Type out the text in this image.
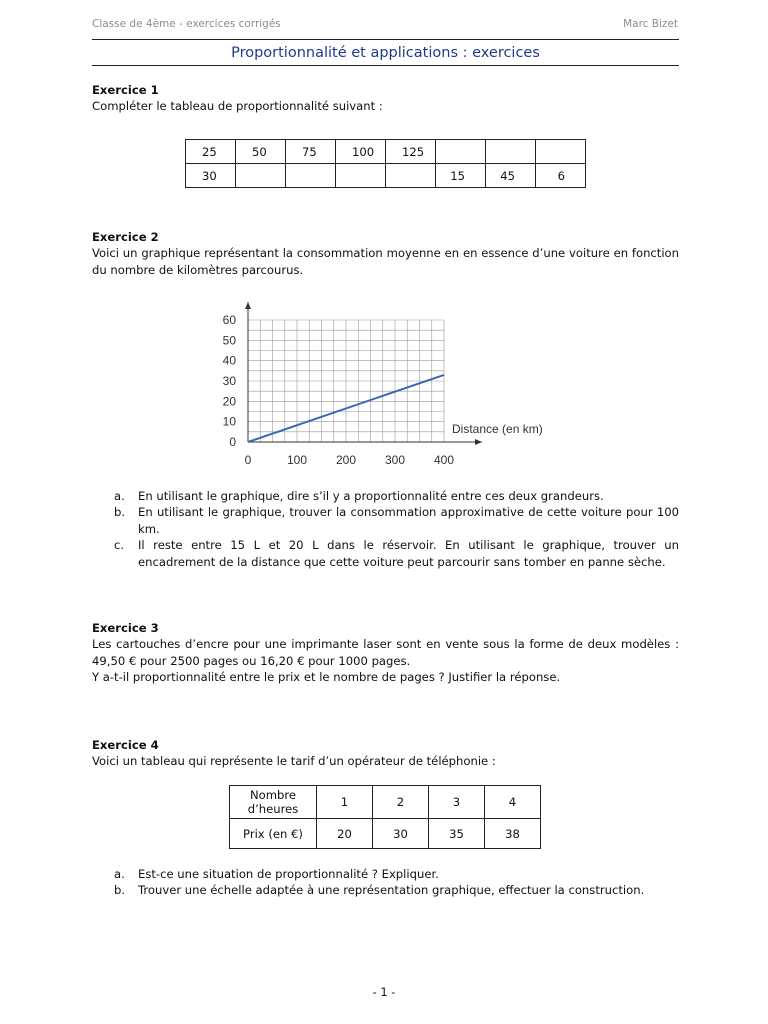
Classe de 4ème - exercices corrigés	Marc Bizet
Proportionnalité et applications : exercices
Exercice 1
Compléter le tableau de proportionnalité suivant :
25	50	75	100	125			
30					15	45	6
Exercice 2
Voici un graphique représentant la consommation moyenne en en essence d’une voiture en fonction du nombre de kilomètres parcourus.
0
10
20
30
40
50
60
0	100 200 300 400
Distance (en km)
a. En utilisant le graphique, dire s’il y a proportionnalité entre ces deux grandeurs.
b. En utilisant le graphique, trouver la consommation approximative de cette voiture pour 100 km.
c. Il reste entre 15 L et 20 L dans le réservoir. En utilisant le graphique, trouver un encadrement de la distance que cette voiture peut parcourir sans tomber en panne sèche.
Exercice 3
Les cartouches d’encre pour une imprimante laser sont en vente sous la forme de deux modèles : 49,50 € pour 2500 pages ou 16,20 € pour 1000 pages.
Y a-t-il proportionnalité entre le prix et le nombre de pages ? Justifier la réponse.
Exercice 4
Voici un tableau qui représente le tarif d’un opérateur de téléphonie :
Nombre d’heures	1	2	3	4
Prix (en €)	20	30	35	38
a. Est-ce une situation de proportionnalité ? Expliquer.
b. Trouver une échelle adaptée à une représentation graphique, effectuer la construction.
- 1 -
